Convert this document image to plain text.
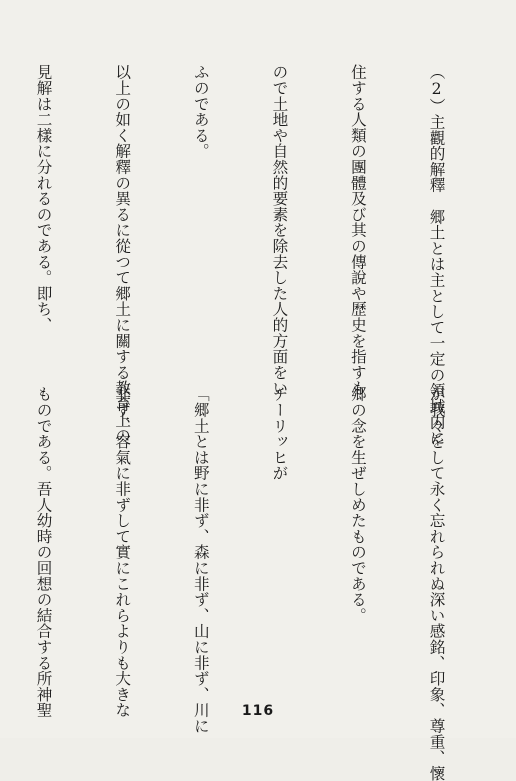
（2）主觀的解釋　郷土とは主として一定の領域内に

住する人類の團體及び其の傳說や歷史を指すも

ので土地や自然的要素を除去した人的方面をい

ふのである。

以上の如く解釋の異るに從つて郷土に關する教育上の

見解は二樣に分れるのである。即ち、

が我々をして永く忘れられぬ深い感銘、印象、尊重、懷

郷の念を生ぜしめたものである。

チーリッヒが

「郷土とは野に非ず、森に非ず、山に非ず、川に

非ず、容氣に非ずして實にこれらよりも大きな

ものである。吾人幼時の回想の結合する所神聖

	116
